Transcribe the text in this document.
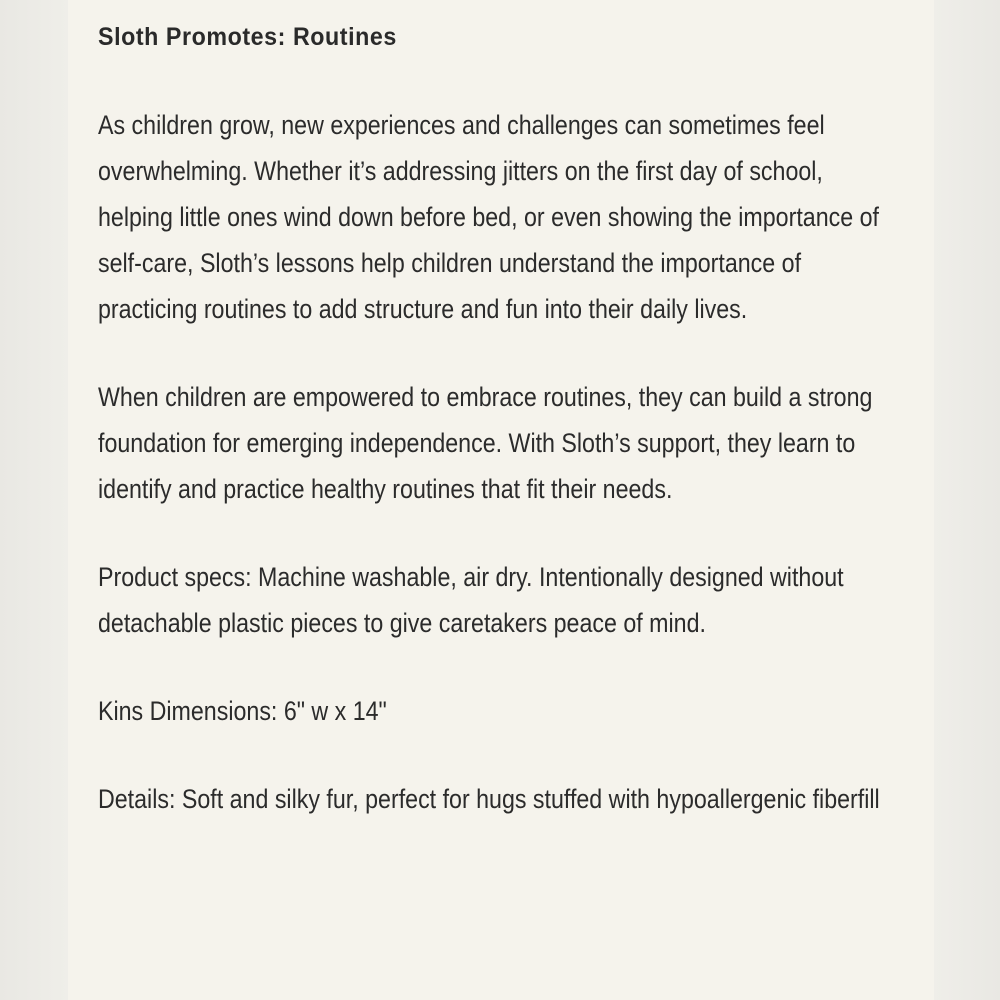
Sloth Promotes: Routines

As children grow, new experiences and challenges can sometimes feel overwhelming. Whether it’s addressing jitters on the first day of school, helping little ones wind down before bed, or even showing the importance of self-care, Sloth’s lessons help children understand the importance of practicing routines to add structure and fun into their daily lives.

When children are empowered to embrace routines, they can build a strong foundation for emerging independence. With Sloth’s support, they learn to identify and practice healthy routines that fit their needs.

Product specs: Machine washable, air dry. Intentionally designed without detachable plastic pieces to give caretakers peace of mind.

Kins Dimensions: 6" w x 14"

Details: Soft and silky fur, perfect for hugs stuffed with hypoallergenic fiberfill
